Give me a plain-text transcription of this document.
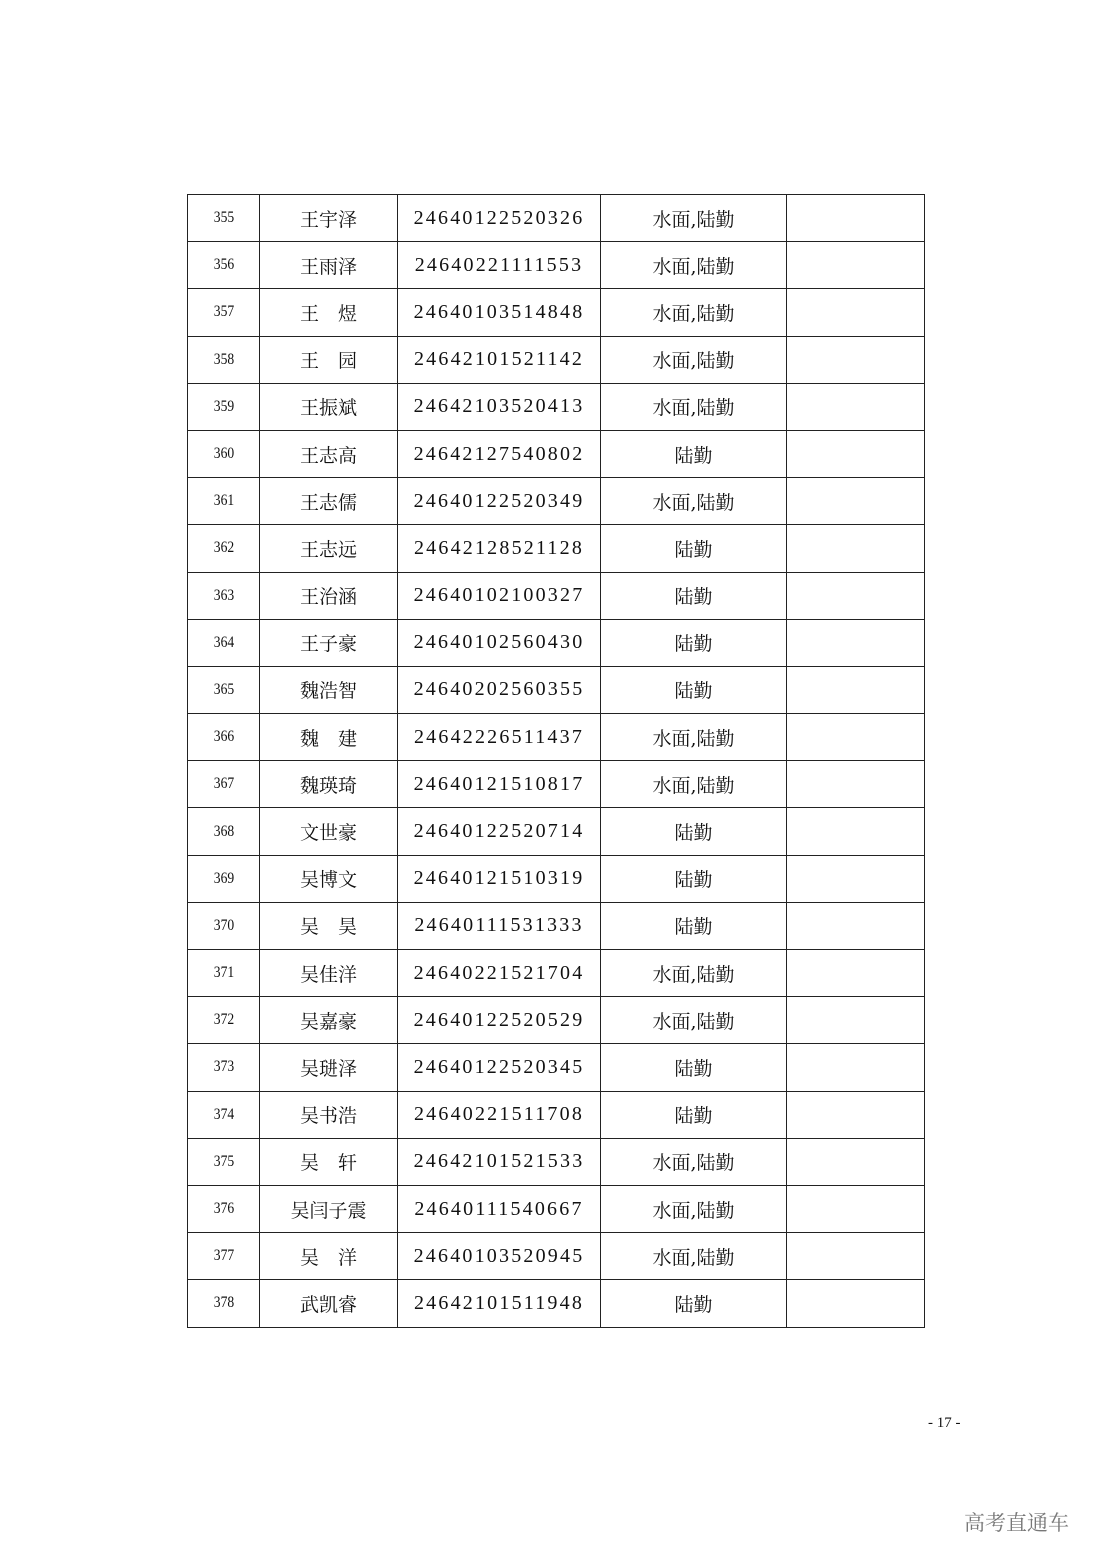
355	王宇泽	24640122520326	水面,陆勤	
356	王雨泽	24640221111553	水面,陆勤	
357	王　煜	24640103514848	水面,陆勤	
358	王　园	24642101521142	水面,陆勤	
359	王振斌	24642103520413	水面,陆勤	
360	王志高	24642127540802	陆勤	
361	王志儒	24640122520349	水面,陆勤	
362	王志远	24642128521128	陆勤	
363	王治涵	24640102100327	陆勤	
364	王子豪	24640102560430	陆勤	
365	魏浩智	24640202560355	陆勤	
366	魏　建	24642226511437	水面,陆勤	
367	魏瑛琦	24640121510817	水面,陆勤	
368	文世豪	24640122520714	陆勤	
369	吴博文	24640121510319	陆勤	
370	吴　昊	24640111531333	陆勤	
371	吴佳洋	24640221521704	水面,陆勤	
372	吴嘉豪	24640122520529	水面,陆勤	
373	吴琎泽	24640122520345	陆勤	
374	吴书浩	24640221511708	陆勤	
375	吴　轩	24642101521533	水面,陆勤	
376	吴闫子震	24640111540667	水面,陆勤	
377	吴　洋	24640103520945	水面,陆勤	
378	武凯睿	24642101511948	陆勤	
- 17 -
高考直通车
